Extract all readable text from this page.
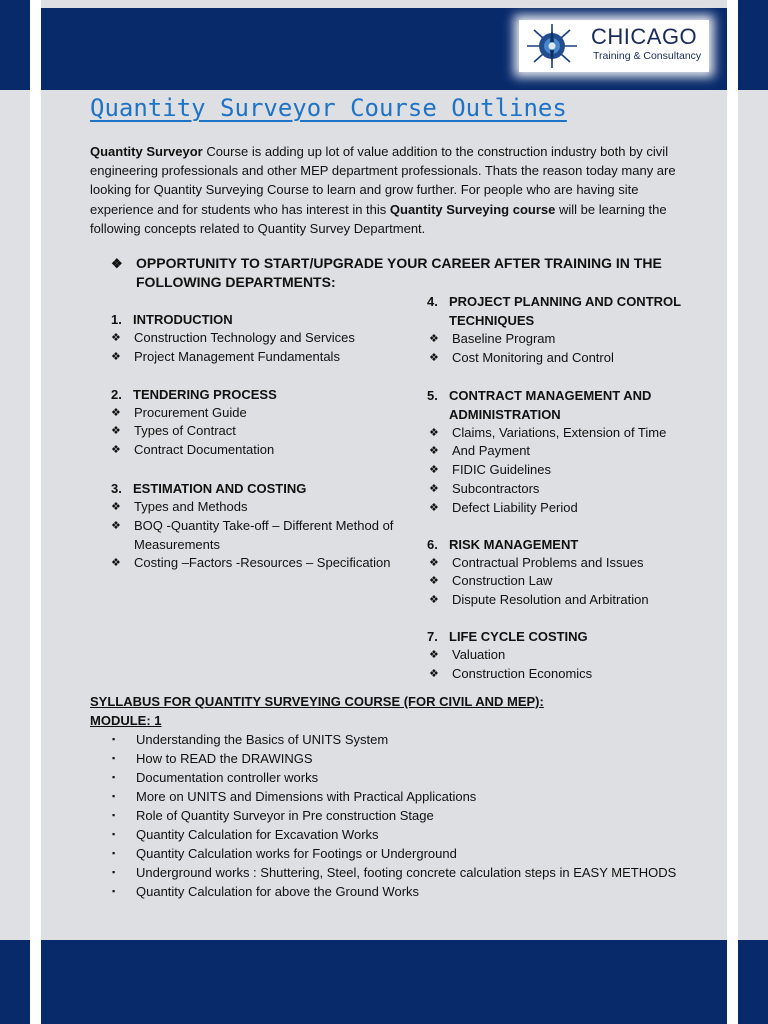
CHICAGO
Training & Consultancy
Quantity Surveyor Course Outlines

Quantity Surveyor Course is adding up lot of value addition to the construction industry both by civil engineering professionals and other MEP department professionals. Thats the reason today many are looking for Quantity Surveying Course to learn and grow further. For people who are having site experience and for students who has interest in this Quantity Surveying course will be learning the following concepts related to Quantity Survey Department.

❖ OPPORTUNITY TO START/UPGRADE YOUR CAREER AFTER TRAINING IN THE FOLLOWING DEPARTMENTS:
1. INTRODUCTION
❖	Construction Technology and Services
❖	Project Management Fundamentals
2. TENDERING PROCESS
❖	Procurement Guide
❖	Types of Contract
❖	Contract Documentation
3. ESTIMATION AND COSTING
❖	Types and Methods
❖	BOQ -Quantity Take-off – Different Method of Measurements
❖	Costing –Factors -Resources – Specification
4. PROJECT PLANNING AND CONTROL TECHNIQUES
❖	Baseline Program
❖	Cost Monitoring and Control
5. CONTRACT MANAGEMENT AND ADMINISTRATION
❖	Claims, Variations, Extension of Time
❖	And Payment
❖	FIDIC Guidelines
❖	Subcontractors
❖	Defect Liability Period
6. RISK MANAGEMENT
❖	Contractual Problems and Issues
❖	Construction Law
❖	Dispute Resolution and Arbitration
7. LIFE CYCLE COSTING
❖	Valuation
❖	Construction Economics
SYLLABUS FOR QUANTITY SURVEYING COURSE (FOR CIVIL AND MEP):
MODULE: 1
▪	Understanding the Basics of UNITS System
▪	How to READ the DRAWINGS
▪	Documentation controller works
▪	More on UNITS and Dimensions with Practical Applications
▪	Role of Quantity Surveyor in Pre construction Stage
▪	Quantity Calculation for Excavation Works
▪	Quantity Calculation works for Footings or Underground
▪	Underground works : Shuttering, Steel, footing concrete calculation steps in EASY METHODS
▪	Quantity Calculation for above the Ground Works
